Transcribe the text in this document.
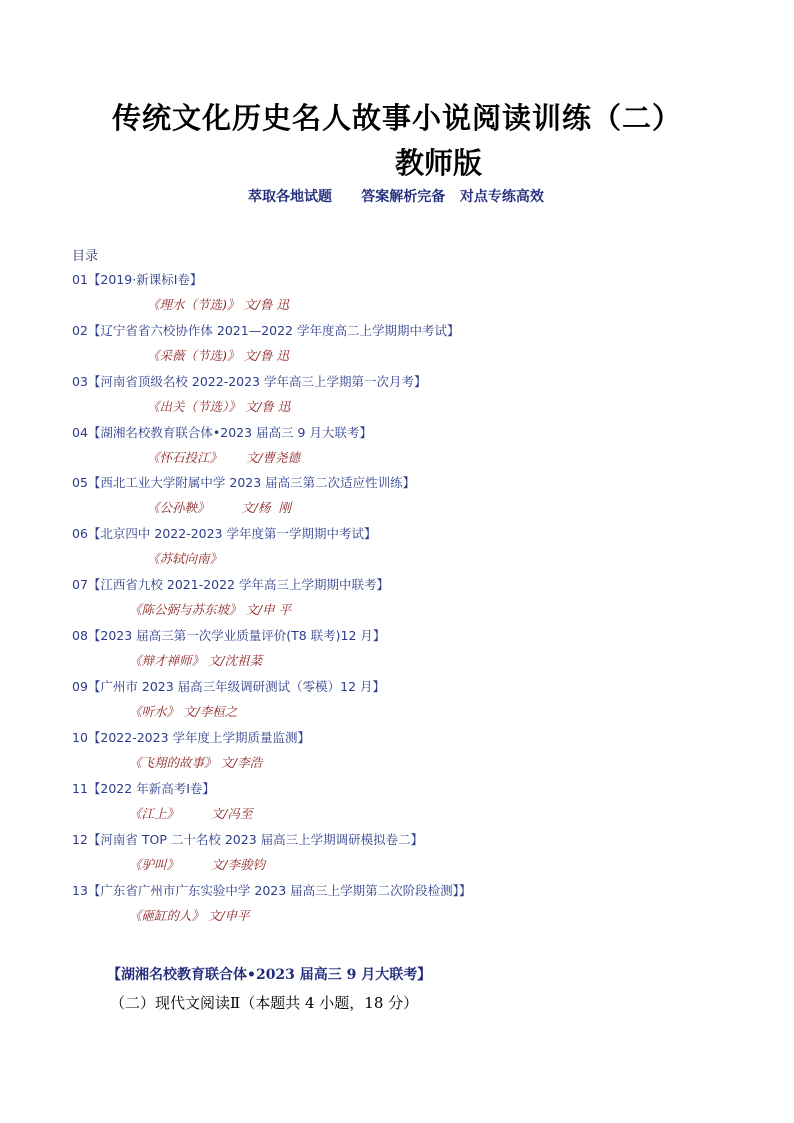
传统文化历史名人故事小说阅读训练（二）
教师版
萃取各地试题      答案解析完备   对点专练高效
目录
01【2019·新课标Ⅰ卷】
《理水（节选)》 文/鲁 迅
02【辽宁省省六校协作体 2021—2022 学年度高二上学期期中考试】
《采薇（节选)》 文/鲁 迅
03【河南省顶级名校 2022-2023 学年高三上学期第一次月考】
《出关（节选）》 文/鲁 迅
04【湖湘名校教育联合体•2023 届高三 9 月大联考】
《怀石投江》      文/曹尧德
05【西北工业大学附属中学 2023 届高三第二次适应性训练】
《公孙鞅》        文/杨  刚
06【北京四中 2022-2023 学年度第一学期期中考试】
《苏轼向南》
07【江西省九校 2021-2022 学年高三上学期期中联考】
《陈公弼与苏东坡》 文/申 平
08【2023 届高三第一次学业质量评价(T8 联考)12 月】
《辩才禅师》 文/沈祖棻
09【广州市 2023 届高三年级调研测试（零模）12 月】
《听水》 文/李桓之
10【2022-2023 学年度上学期质量监测】
《飞翔的故事》 文/李浩
11【2022 年新高考Ⅰ卷】
《江上》        文/冯至
12【河南省 TOP 二十名校 2023 届高三上学期调研模拟卷二】
《驴叫》        文/李骏钧
13【广东省广州市广东实验中学 2023 届高三上学期第二次阶段检测】】
《砸缸的人》 文/申平
【湖湘名校教育联合体•2023 届高三 9 月大联考】
（二）现代文阅读Ⅱ（本题共 4 小题，18 分）
